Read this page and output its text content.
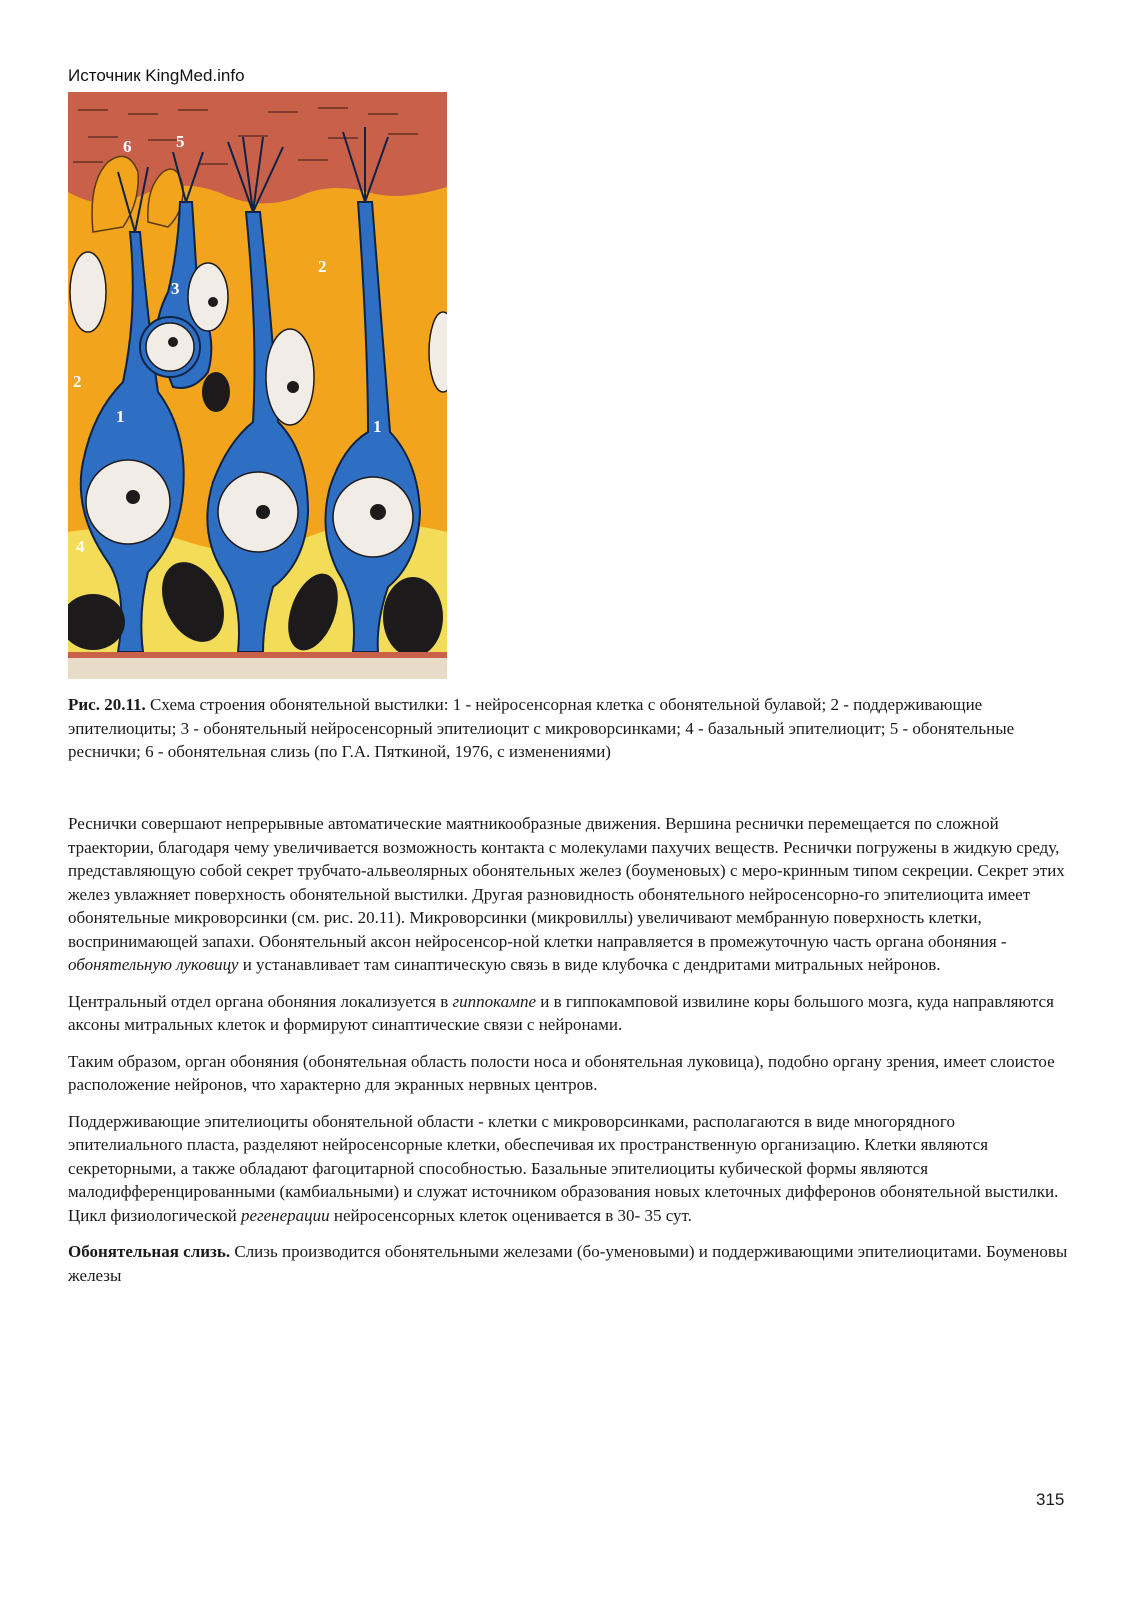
Источник KingMed.info
6	5
3
2
2
1
1
4

Рис. 20.11. Схема строения обонятельной выстилки: 1 - нейросенсорная клетка с обонятельной булавой; 2 - поддерживающие эпителиоциты; 3 - обонятельный нейросенсорный эпителиоцит с микроворсинками; 4 - базальный эпителиоцит; 5 - обонятельные реснички; 6 - обонятельная слизь (по Г.А. Пяткиной, 1976, с изменениями)

Реснички совершают непрерывные автоматические маятникообразные движения. Вершина реснички перемещается по сложной траектории, благодаря чему увеличивается возможность контакта с молекулами пахучих веществ. Реснички погружены в жидкую среду, представляющую собой секрет трубчато-альвеолярных обонятельных желез (боуменовых) с меро-кринным типом секреции. Секрет этих желез увлажняет поверхность обонятельной выстилки. Другая разновидность обонятельного нейросенсорно-го эпителиоцита имеет обонятельные микроворсинки (см. рис. 20.11). Микроворсинки (микровиллы) увеличивают мембранную поверхность клетки, воспринимающей запахи. Обонятельный аксон нейросенсор-ной клетки направляется в промежуточную часть органа обоняния - обонятельную луковицу и устанавливает там синаптическую связь в виде клубочка с дендритами митральных нейронов.

Центральный отдел органа обоняния локализуется в гиппокампе и в гиппокамповой извилине коры большого мозга, куда направляются аксоны митральных клеток и формируют синаптические связи с нейронами.

Таким образом, орган обоняния (обонятельная область полости носа и обонятельная луковица), подобно органу зрения, имеет слоистое расположение нейронов, что характерно для экранных нервных центров.

Поддерживающие эпителиоциты обонятельной области - клетки с микроворсинками, располагаются в виде многорядного эпителиального пласта, разделяют нейросенсорные клетки, обеспечивая их пространственную организацию. Клетки являются секреторными, а также обладают фагоцитарной способностью. Базальные эпителиоциты кубической формы являются малодифференцированными (камбиальными) и служат источником образования новых клеточных дифферонов обонятельной выстилки. Цикл физиологической регенерации нейросенсорных клеток оценивается в 30- 35 сут.

Обонятельная слизь. Слизь производится обонятельными железами (бо-уменовыми) и поддерживающими эпителиоцитами. Боуменовы железы

315
